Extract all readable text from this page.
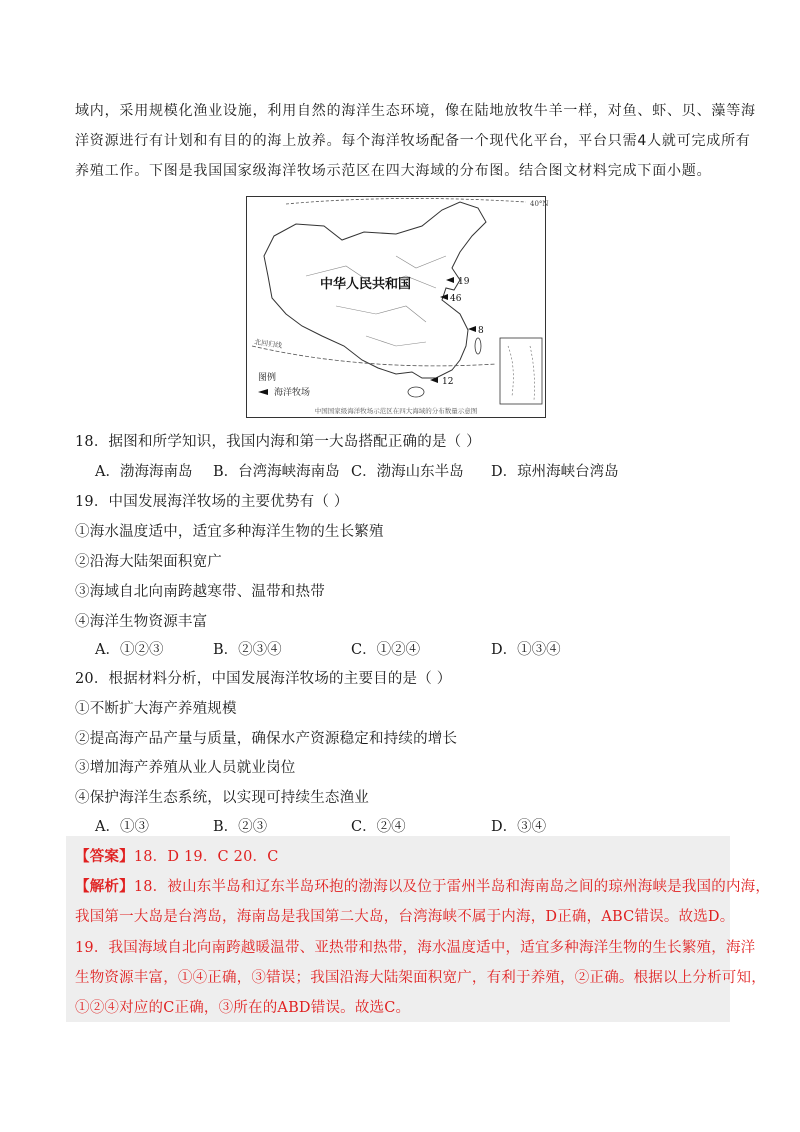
域内，采用规模化渔业设施，利用自然的海洋生态环境，像在陆地放牧牛羊一样，对鱼、虾、贝、藻等海
洋资源进行有计划和有目的的海上放养。每个海洋牧场配备一个现代化平台，平台只需4人就可完成所有
养殖工作。下图是我国国家级海洋牧场示范区在四大海域的分布图。结合图文材料完成下面小题。
40°N
北回归线
中华人民共和国	19
46
8
12
图例
海洋牧场
中国国家级海洋牧场示范区在四大海域的分布数量示意图
18．据图和所学知识，我国内海和第一大岛搭配正确的是（ ）
A．渤海海南岛 B．台湾海峡海南岛 C．渤海山东半岛 D．琼州海峡台湾岛
19．中国发展海洋牧场的主要优势有（ ）
①海水温度适中，适宜多种海洋生物的生长繁殖
②沿海大陆架面积宽广
③海域自北向南跨越寒带、温带和热带
④海洋生物资源丰富
A．①②③	B．②③④	C．①②④	D．①③④
20．根据材料分析，中国发展海洋牧场的主要目的是（ ）
①不断扩大海产养殖规模
②提高海产品产量与质量，确保水产资源稳定和持续的增长
③增加海产养殖从业人员就业岗位
④保护海洋生态系统，以实现可持续生态渔业
A．①③	B．②③	C．②④	D．③④
【答案】18．D 19．C 20．C
【解析】18．被山东半岛和辽东半岛环抱的渤海以及位于雷州半岛和海南岛之间的琼州海峡是我国的内海，
我国第一大岛是台湾岛，海南岛是我国第二大岛，台湾海峡不属于内海，D正确，ABC错误。故选D。
19．我国海域自北向南跨越暖温带、亚热带和热带，海水温度适中，适宜多种海洋生物的生长繁殖，海洋
生物资源丰富，①④正确，③错误；我国沿海大陆架面积宽广，有利于养殖，②正确。根据以上分析可知，
①②④对应的C正确，③所在的ABD错误。故选C。
